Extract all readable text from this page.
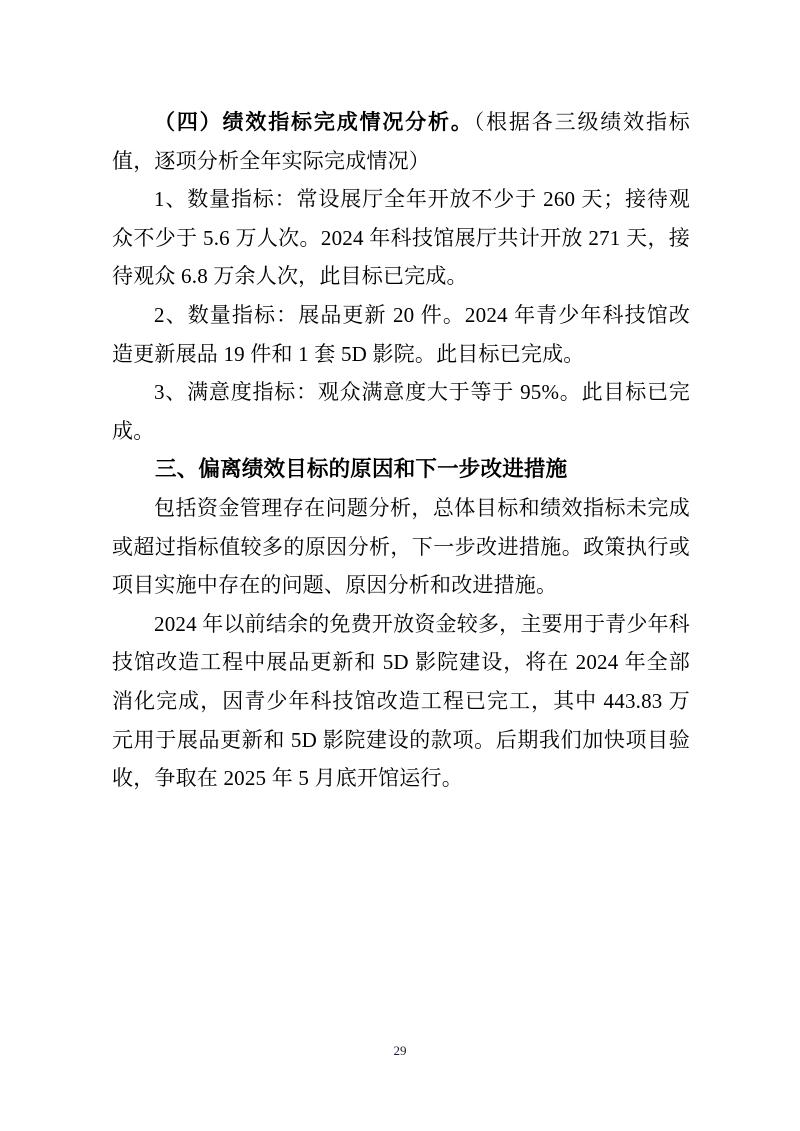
（四）绩效指标完成情况分析。（根据各三级绩效指标值，逐项分析全年实际完成情况）

1、数量指标：常设展厅全年开放不少于 260 天；接待观众不少于 5.6 万人次。2024 年科技馆展厅共计开放 271 天，接待观众 6.8 万余人次，此目标已完成。

2、数量指标：展品更新 20 件。2024 年青少年科技馆改造更新展品 19 件和 1 套 5D 影院。此目标已完成。

3、满意度指标：观众满意度大于等于 95%。此目标已完成。

三、偏离绩效目标的原因和下一步改进措施

包括资金管理存在问题分析，总体目标和绩效指标未完成或超过指标值较多的原因分析，下一步改进措施。政策执行或项目实施中存在的问题、原因分析和改进措施。

2024 年以前结余的免费开放资金较多，主要用于青少年科技馆改造工程中展品更新和 5D 影院建设，将在 2024 年全部消化完成，因青少年科技馆改造工程已完工，其中 443.83 万元用于展品更新和 5D 影院建设的款项。后期我们加快项目验收，争取在 2025 年 5 月底开馆运行。

29
